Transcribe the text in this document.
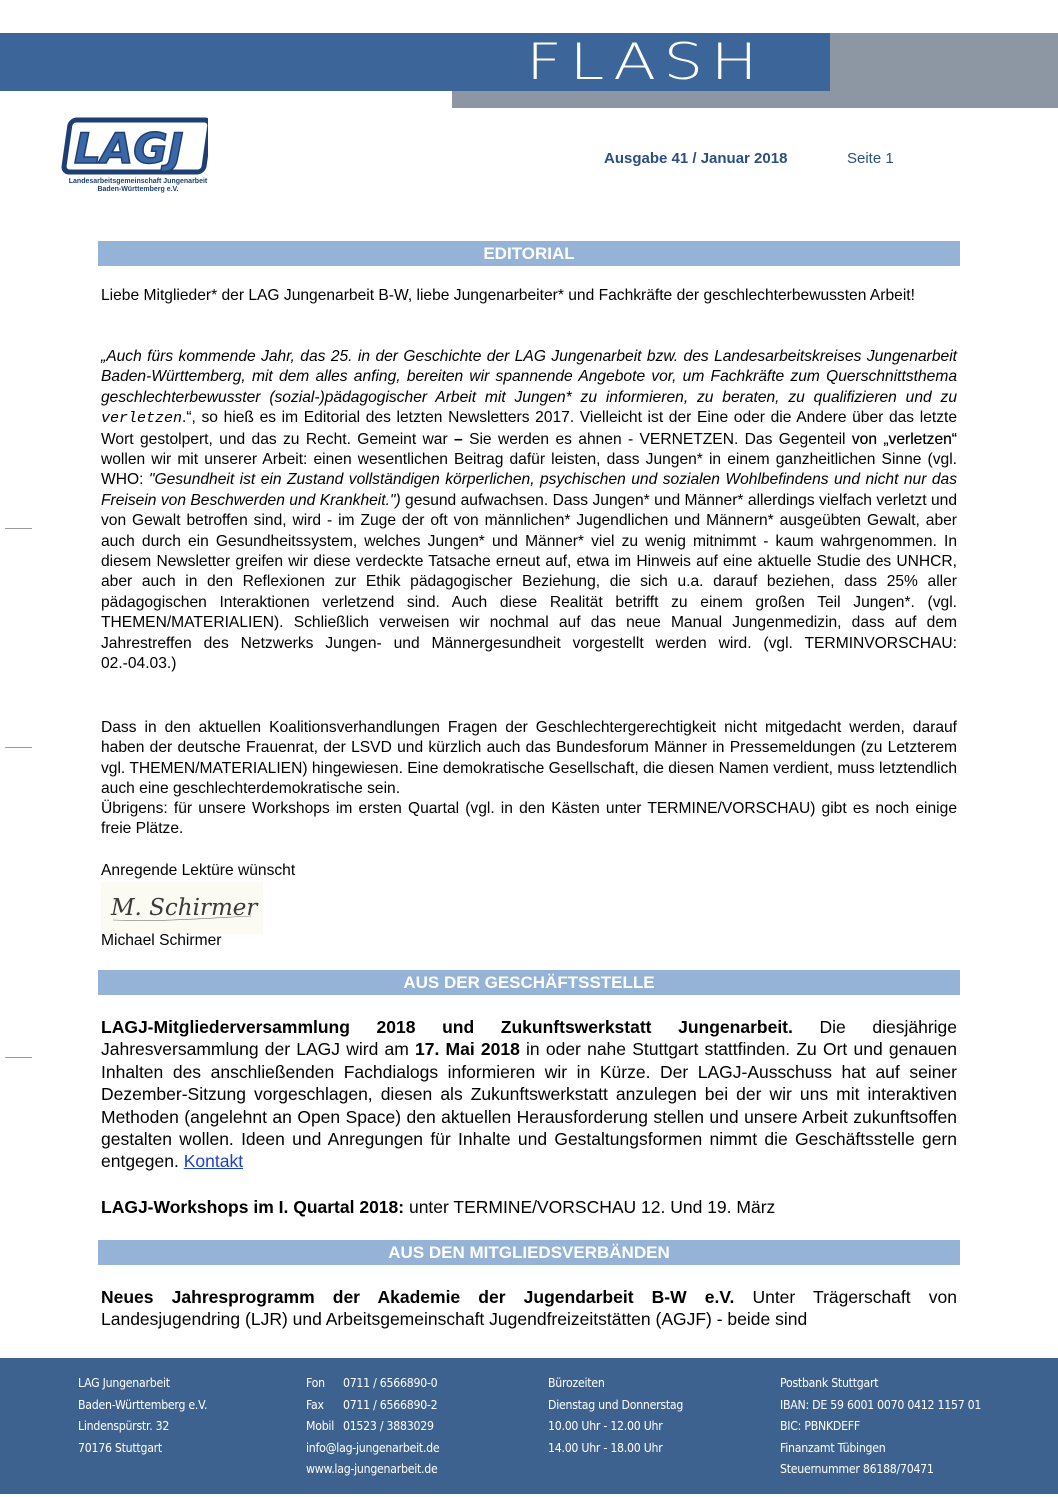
FLASH
LAGJ
Landesarbeitsgemeinschaft Jungenarbeit
Baden-Württemberg e.V.
Ausgabe 41 / Januar 2018	Seite 1
EDITORIAL
Liebe Mitglieder* der LAG Jungenarbeit B-W, liebe Jungenarbeiter* und Fachkräfte der geschlechterbewussten Arbeit!
„Auch fürs kommende Jahr, das 25. in der Geschichte der LAG Jungenarbeit bzw. des Landesarbeitskreises Jungenarbeit Baden-Württemberg, mit dem alles anfing, bereiten wir spannende Angebote vor, um Fachkräfte zum Querschnittsthema geschlechterbewusster (sozial-)pädagogischer Arbeit mit Jungen* zu informieren, zu beraten, zu qualifizieren und zu verletzen.“, so hieß es im Editorial des letzten Newsletters 2017. Vielleicht ist der Eine oder die Andere über das letzte Wort gestolpert, und das zu Recht. Gemeint war – Sie werden es ahnen - VERNETZEN. Das Gegenteil von „verletzen“ wollen wir mit unserer Arbeit: einen wesentlichen Beitrag dafür leisten, dass Jungen* in einem ganzheitlichen Sinne (vgl. WHO: "Gesundheit ist ein Zustand vollständigen körperlichen, psychischen und sozialen Wohlbefindens und nicht nur das Freisein von Beschwerden und Krankheit.") gesund aufwachsen. Dass Jungen* und Männer* allerdings vielfach verletzt und von Gewalt betroffen sind, wird - im Zuge der oft von männlichen* Jugendlichen und Männern* ausgeübten Gewalt, aber auch durch ein Gesundheitssystem, welches Jungen* und Männer* viel zu wenig mitnimmt - kaum wahrgenommen. In diesem Newsletter greifen wir diese verdeckte Tatsache erneut auf, etwa im Hinweis auf eine aktuelle Studie des UNHCR, aber auch in den Reflexionen zur Ethik pädagogischer Beziehung, die sich u.a. darauf beziehen, dass 25% aller pädagogischen Interaktionen verletzend sind. Auch diese Realität betrifft zu einem großen Teil Jungen*. (vgl. THEMEN/MATERIALIEN). Schließlich verweisen wir nochmal auf das neue Manual Jungenmedizin, dass auf dem Jahrestreffen des Netzwerks Jungen- und Männergesundheit vorgestellt werden wird. (vgl. TERMINVORSCHAU: 02.-04.03.)
Dass in den aktuellen Koalitionsverhandlungen Fragen der Geschlechtergerechtigkeit nicht mitgedacht werden, darauf haben der deutsche Frauenrat, der LSVD und kürzlich auch das Bundesforum Männer in Pressemeldungen (zu Letzterem vgl. THEMEN/MATERIALIEN) hingewiesen. Eine demokratische Gesellschaft, die diesen Namen verdient, muss letztendlich auch eine geschlechterdemokratische sein.
Übrigens: für unsere Workshops im ersten Quartal (vgl. in den Kästen unter TERMINE/VORSCHAU) gibt es noch einige freie Plätze.
Anregende Lektüre wünscht
M. Schirmer
Michael Schirmer
AUS DER GESCHÄFTSSTELLE
LAGJ-Mitgliederversammlung 2018 und Zukunftswerkstatt Jungenarbeit. Die diesjährige Jahresversammlung der LAGJ wird am 17. Mai 2018 in oder nahe Stuttgart stattfinden. Zu Ort und genauen Inhalten des anschließenden Fachdialogs informieren wir in Kürze. Der LAGJ-Ausschuss hat auf seiner Dezember-Sitzung vorgeschlagen, diesen als Zukunftswerkstatt anzulegen bei der wir uns mit interaktiven Methoden (angelehnt an Open Space) den aktuellen Herausforderung stellen und unsere Arbeit zukunftsoffen gestalten wollen. Ideen und Anregungen für Inhalte und Gestaltungsformen nimmt die Geschäftsstelle gern entgegen. Kontakt
LAGJ-Workshops im I. Quartal 2018: unter TERMINE/VORSCHAU 12. Und 19. März
AUS DEN MITGLIEDSVERBÄNDEN
Neues Jahresprogramm der Akademie der Jugendarbeit B-W e.V. Unter Trägerschaft von Landesjugendring (LJR) und Arbeitsgemeinschaft Jugendfreizeitstätten (AGJF) - beide sind
LAG Jungenarbeit
Baden-Württemberg e.V.
Lindenspürstr. 32
70176 Stuttgart
Fon 0711 / 6566890-0
Fax 0711 / 6566890-2
Mobil 01523 / 3883029
info@lag-jungenarbeit.de
www.lag-jungenarbeit.de
Bürozeiten
Dienstag und Donnerstag
10.00 Uhr - 12.00 Uhr
14.00 Uhr - 18.00 Uhr
Postbank Stuttgart
IBAN: DE 59 6001 0070 0412 1157 01
BIC: PBNKDEFF
Finanzamt Tübingen
Steuernummer 86188/70471
